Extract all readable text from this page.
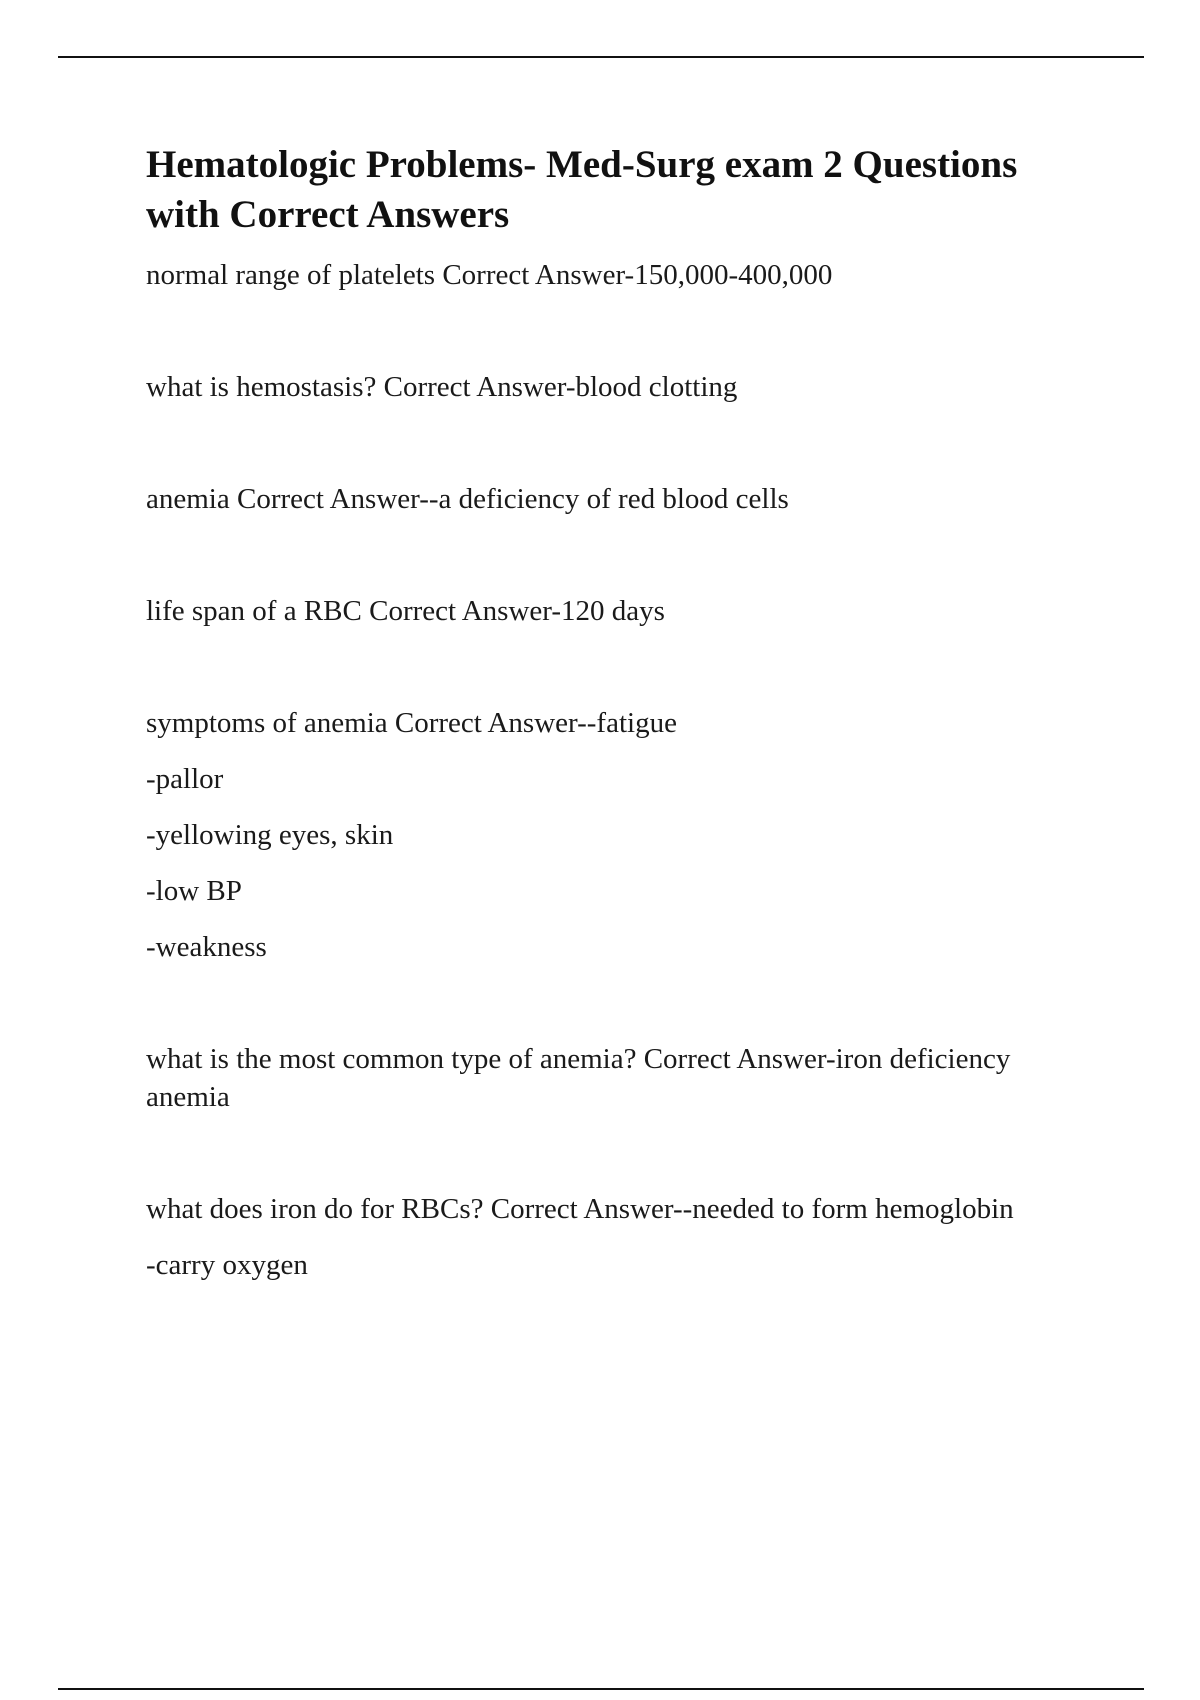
Hematologic Problems- Med-Surg exam 2 Questions with Correct Answers

normal range of platelets Correct Answer-150,000-400,000

what is hemostasis? Correct Answer-blood clotting

anemia Correct Answer--a deficiency of red blood cells

life span of a RBC Correct Answer-120 days

symptoms of anemia Correct Answer--fatigue

-pallor

-yellowing eyes, skin

-low BP

-weakness

what is the most common type of anemia? Correct Answer-iron deficiency anemia

what does iron do for RBCs? Correct Answer--needed to form hemoglobin

-carry oxygen
